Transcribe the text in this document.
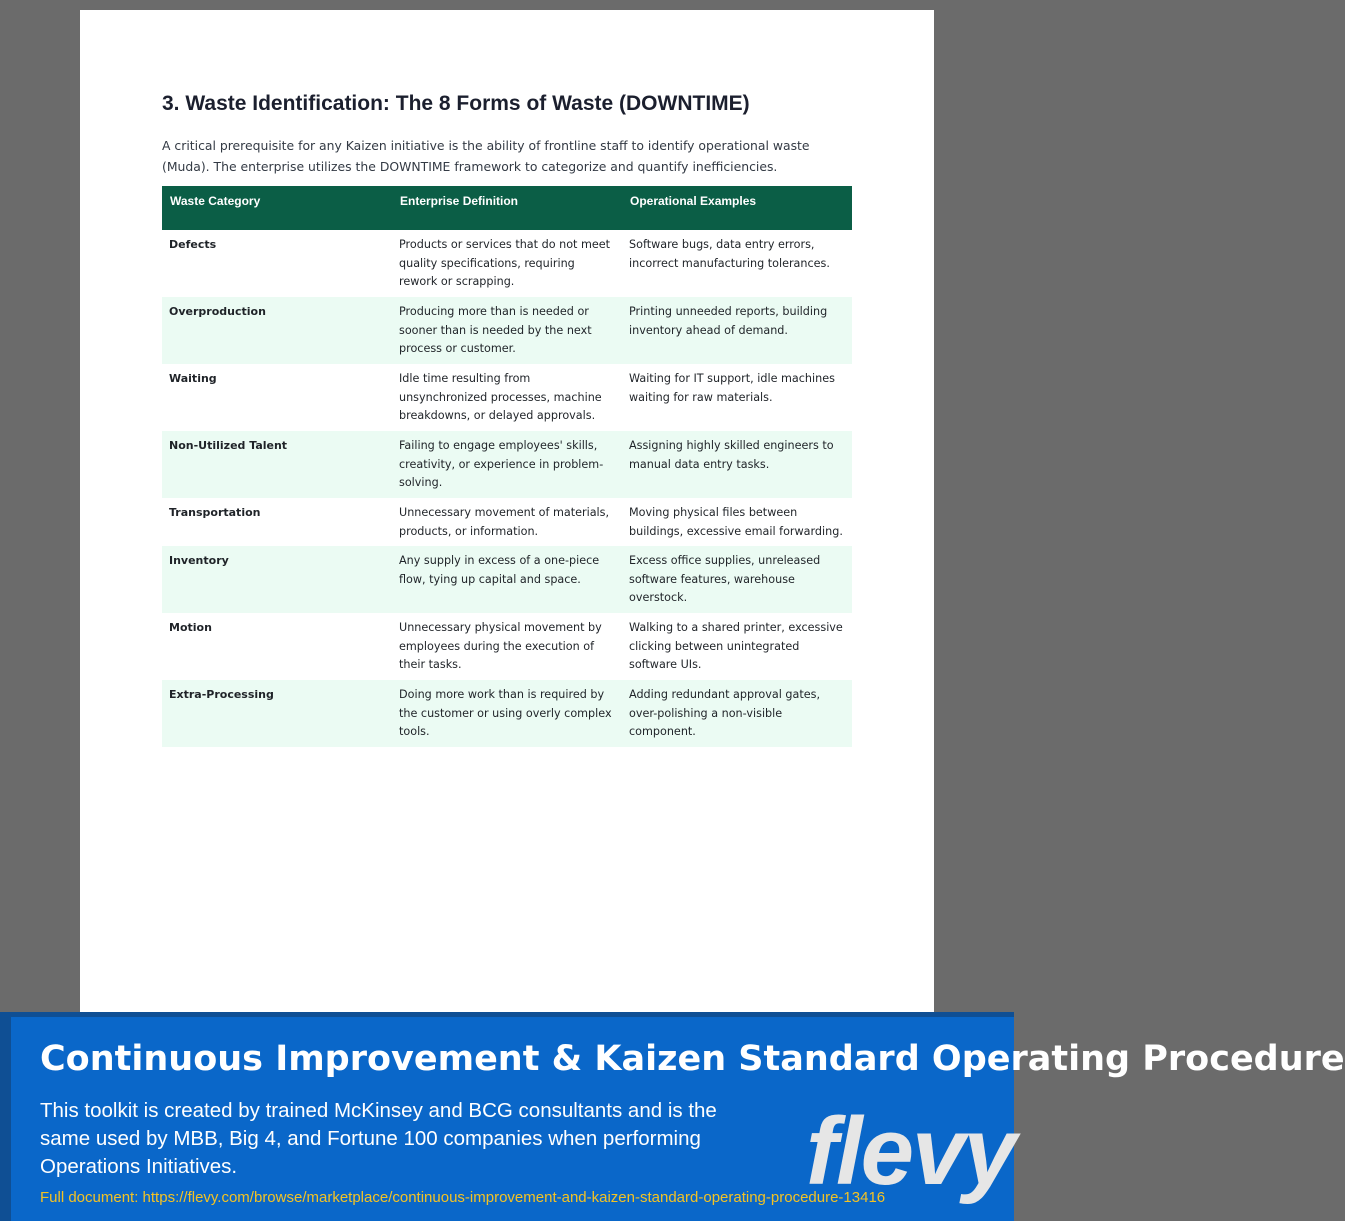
3. Waste Identification: The 8 Forms of Waste (DOWNTIME)

A critical prerequisite for any Kaizen initiative is the ability of frontline staff to identify operational waste (Muda). The enterprise utilizes the DOWNTIME framework to categorize and quantify inefficiencies.

Waste Category	Enterprise Definition	Operational Examples
Defects	Products or services that do not meet quality specifications, requiring rework or scrapping.	Software bugs, data entry errors, incorrect manufacturing tolerances.
Overproduction	Producing more than is needed or sooner than is needed by the next process or customer.	Printing unneeded reports, building inventory ahead of demand.
Waiting	Idle time resulting from unsynchronized processes, machine breakdowns, or delayed approvals.	Waiting for IT support, idle machines waiting for raw materials.
Non-Utilized Talent	Failing to engage employees' skills, creativity, or experience in problem-solving.	Assigning highly skilled engineers to manual data entry tasks.
Transportation	Unnecessary movement of materials, products, or information.	Moving physical files between buildings, excessive email forwarding.
Inventory	Any supply in excess of a one-piece flow, tying up capital and space.	Excess office supplies, unreleased software features, warehouse overstock.
Motion	Unnecessary physical movement by employees during the execution of their tasks.	Walking to a shared printer, excessive clicking between unintegrated software UIs.
Extra-Processing	Doing more work than is required by the customer or using overly complex tools.	Adding redundant approval gates, over-polishing a non-visible component.
Continuous Improvement & Kaizen Standard Operating Procedure

This toolkit is created by trained McKinsey and BCG consultants and is the same used by MBB, Big 4, and Fortune 100 companies when performing Operations Initiatives.

Full document: https://flevy.com/browse/marketplace/continuous-improvement-and-kaizen-standard-operating-procedure-13416

flevy
